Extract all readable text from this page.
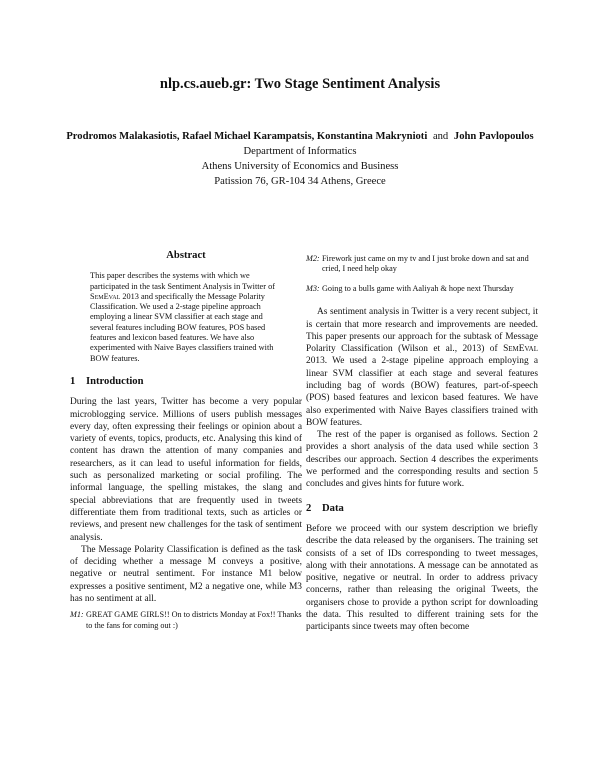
nlp.cs.aueb.gr: Two Stage Sentiment Analysis
Prodromos Malakasiotis, Rafael Michael Karampatsis, Konstantina Makrynioti and John Pavlopoulos
Department of Informatics
Athens University of Economics and Business
Patission 76, GR-104 34 Athens, Greece
Abstract
This paper describes the systems with which we participated in the task Sentiment Analysis in Twitter of SemEval 2013 and specifically the Message Polarity Classification. We used a 2-stage pipeline approach employing a linear SVM classifier at each stage and several features including BOW features, POS based features and lexicon based features. We have also experimented with Naive Bayes classifiers trained with BOW features.
1 Introduction

During the last years, Twitter has become a very popular microblogging service. Millions of users publish messages every day, often expressing their feelings or opinion about a variety of events, topics, products, etc. Analysing this kind of content has drawn the attention of many companies and researchers, as it can lead to useful information for fields, such as personalized marketing or social profiling. The informal language, the spelling mistakes, the slang and special abbreviations that are frequently used in tweets differentiate them from traditional texts, such as articles or reviews, and present new challenges for the task of sentiment analysis.

The Message Polarity Classification is defined as the task of deciding whether a message M conveys a positive, negative or neutral sentiment. For instance M1 below expresses a positive sentiment, M2 a negative one, while M3 has no sentiment at all.

M1: GREAT GAME GIRLS!! On to districts Monday at Fox!! Thanks to the fans for coming out :)
M2: Firework just came on my tv and I just broke down and sat and cried, I need help okay
M3: Going to a bulls game with Aaliyah & hope next Thursday

As sentiment analysis in Twitter is a very recent subject, it is certain that more research and improvements are needed. This paper presents our approach for the subtask of Message Polarity Classification (Wilson et al., 2013) of SemEval 2013. We used a 2-stage pipeline approach employing a linear SVM classifier at each stage and several features including bag of words (BOW) features, part-of-speech (POS) based features and lexicon based features. We have also experimented with Naive Bayes classifiers trained with BOW features.

The rest of the paper is organised as follows. Section 2 provides a short analysis of the data used while section 3 describes our approach. Section 4 describes the experiments we performed and the corresponding results and section 5 concludes and gives hints for future work.

2 Data

Before we proceed with our system description we briefly describe the data released by the organisers. The training set consists of a set of IDs corresponding to tweet messages, along with their annotations. A message can be annotated as positive, negative or neutral. In order to address privacy concerns, rather than releasing the original Tweets, the organisers chose to provide a python script for downloading the data. This resulted to different training sets for the participants since tweets may often become
